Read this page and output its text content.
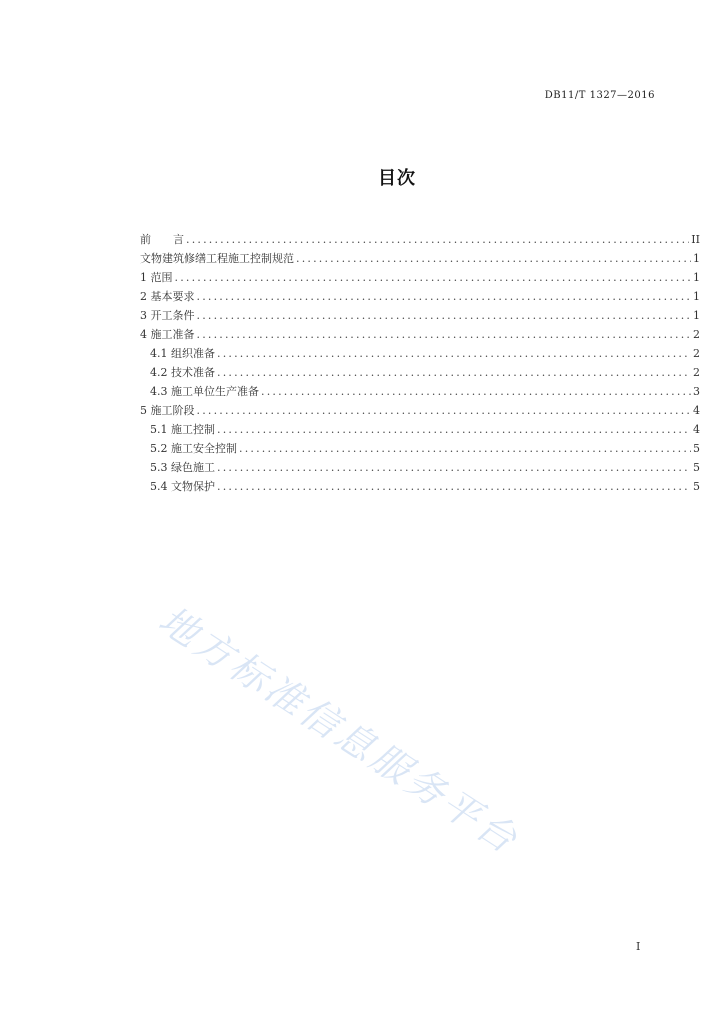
DB11/T 1327—2016
目次
前　　言 .....	II
文物建筑修缮工程施工控制规范 .....	1
1 范围 .....	1
2 基本要求 .....	1
3 开工条件 .....	1
4 施工准备 .....	2
4.1 组织准备 .....	2
4.2 技术准备 .....	2
4.3 施工单位生产准备 .....	3
5 施工阶段 .....	4
5.1 施工控制 .....	4
5.2 施工安全控制 .....	5
5.3 绿色施工 .....	5
5.4 文物保护 .....	5
地方标准信息服务平台
I
